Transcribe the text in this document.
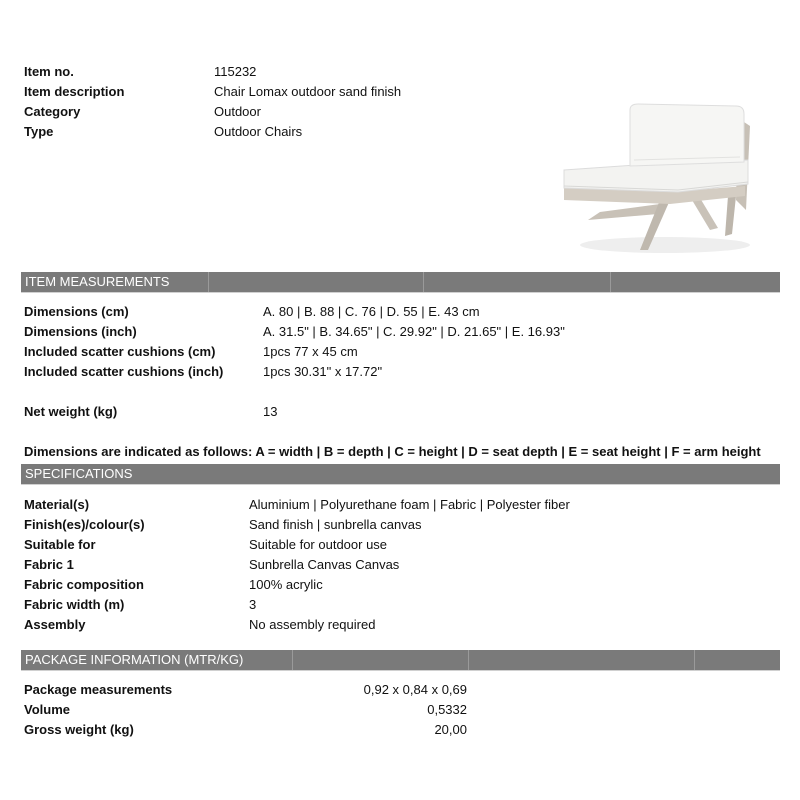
Item no.	115232
Item description	Chair Lomax outdoor sand finish
Category	Outdoor
Type	Outdoor Chairs
ITEM MEASUREMENTS
Dimensions (cm)	A. 80 | B. 88 | C. 76 | D. 55 | E. 43 cm
Dimensions (inch)	A. 31.5" | B. 34.65" | C. 29.92" | D. 21.65" | E. 16.93"
Included scatter cushions (cm)	1pcs 77 x 45 cm
Included scatter cushions (inch)	1pcs 30.31" x 17.72"
Net weight (kg)	13
Dimensions are indicated as follows: A = width | B = depth | C = height | D = seat depth | E = seat height | F = arm height
SPECIFICATIONS
Material(s)	Aluminium | Polyurethane foam | Fabric | Polyester fiber
Finish(es)/colour(s)	Sand finish | sunbrella canvas
Suitable for	Suitable for outdoor use
Fabric 1	Sunbrella Canvas Canvas
Fabric composition	100% acrylic
Fabric width (m)	3
Assembly	No assembly required
PACKAGE INFORMATION (MTR/KG)
Package measurements	0,92 x 0,84 x 0,69
Volume	0,5332
Gross weight (kg)	20,00
